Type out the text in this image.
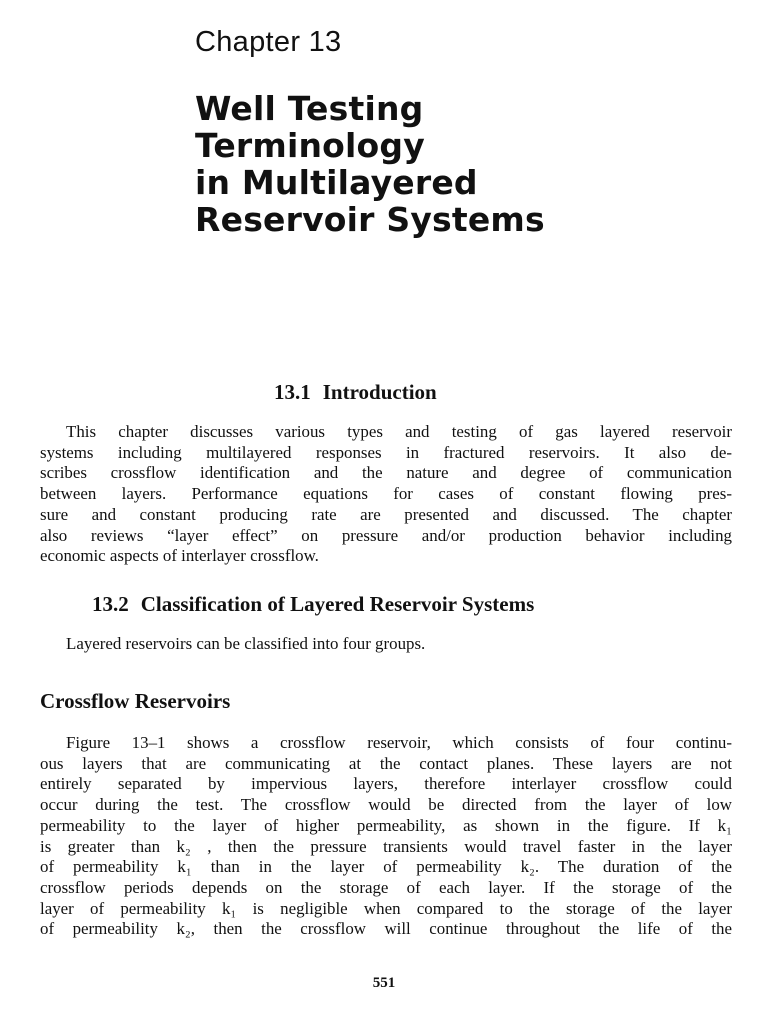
Chapter 13
Well Testing
Terminology
in Multilayered
Reservoir Systems
13.1 Introduction
This chapter discusses various types and testing of gas layered reservoir
systems including multilayered responses in fractured reservoirs. It also de-
scribes crossflow identification and the nature and degree of communication
between layers. Performance equations for cases of constant flowing pres-
sure and constant producing rate are presented and discussed. The chapter
also reviews “layer effect” on pressure and/or production behavior including
economic aspects of interlayer crossflow.
13.2 Classification of Layered Reservoir Systems
Layered reservoirs can be classified into four groups.
Crossflow Reservoirs
Figure 13–1 shows a crossflow reservoir, which consists of four continu-
ous layers that are communicating at the contact planes. These layers are not
entirely separated by impervious layers, therefore interlayer crossflow could
occur during the test. The crossflow would be directed from the layer of low
permeability to the layer of higher permeability, as shown in the figure. If k₁
is greater than k₂ , then the pressure transients would travel faster in the layer
of permeability k₁ than in the layer of permeability k₂. The duration of the
crossflow periods depends on the storage of each layer. If the storage of the
layer of permeability k₁ is negligible when compared to the storage of the layer
of permeability k₂, then the crossflow will continue throughout the life of the
551
